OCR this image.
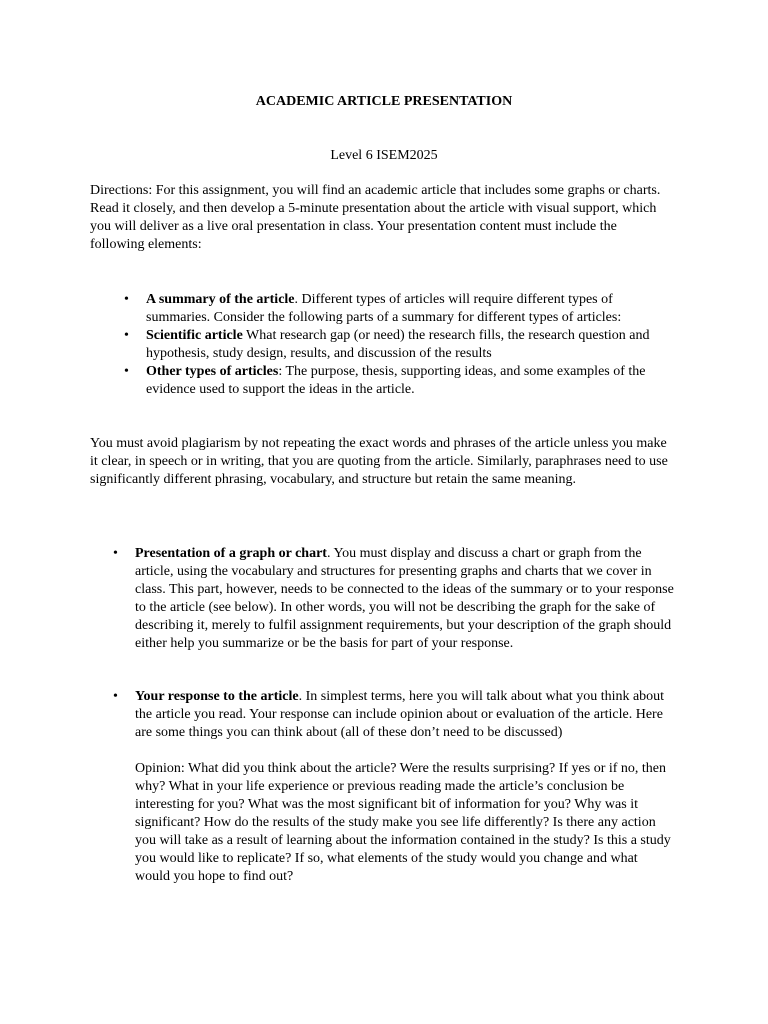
ACADEMIC ARTICLE PRESENTATION
Level 6 ISEM2025

Directions: For this assignment, you will find an academic article that includes some graphs or charts. Read it closely, and then develop a 5-minute presentation about the article with visual support, which you will deliver as a live oral presentation in class. Your presentation content must include the following elements:

• A summary of the article. Different types of articles will require different types of summaries. Consider the following parts of a summary for different types of articles:
• Scientific article What research gap (or need) the research fills, the research question and hypothesis, study design, results, and discussion of the results
• Other types of articles: The purpose, thesis, supporting ideas, and some examples of the evidence used to support the ideas in the article.

You must avoid plagiarism by not repeating the exact words and phrases of the article unless you make it clear, in speech or in writing, that you are quoting from the article. Similarly, paraphrases need to use significantly different phrasing, vocabulary, and structure but retain the same meaning.

• Presentation of a graph or chart. You must display and discuss a chart or graph from the article, using the vocabulary and structures for presenting graphs and charts that we cover in class. This part, however, needs to be connected to the ideas of the summary or to your response to the article (see below). In other words, you will not be describing the graph for the sake of describing it, merely to fulfil assignment requirements, but your description of the graph should either help you summarize or be the basis for part of your response.
• Your response to the article. In simplest terms, here you will talk about what you think about the article you read. Your response can include opinion about or evaluation of the article. Here are some things you can think about (all of these don’t need to be discussed)

Opinion: What did you think about the article? Were the results surprising? If yes or if no, then why? What in your life experience or previous reading made the article’s conclusion be interesting for you? What was the most significant bit of information for you? Why was it significant? How do the results of the study make you see life differently? Is there any action you will take as a result of learning about the information contained in the study? Is this a study you would like to replicate? If so, what elements of the study would you change and what would you hope to find out?
